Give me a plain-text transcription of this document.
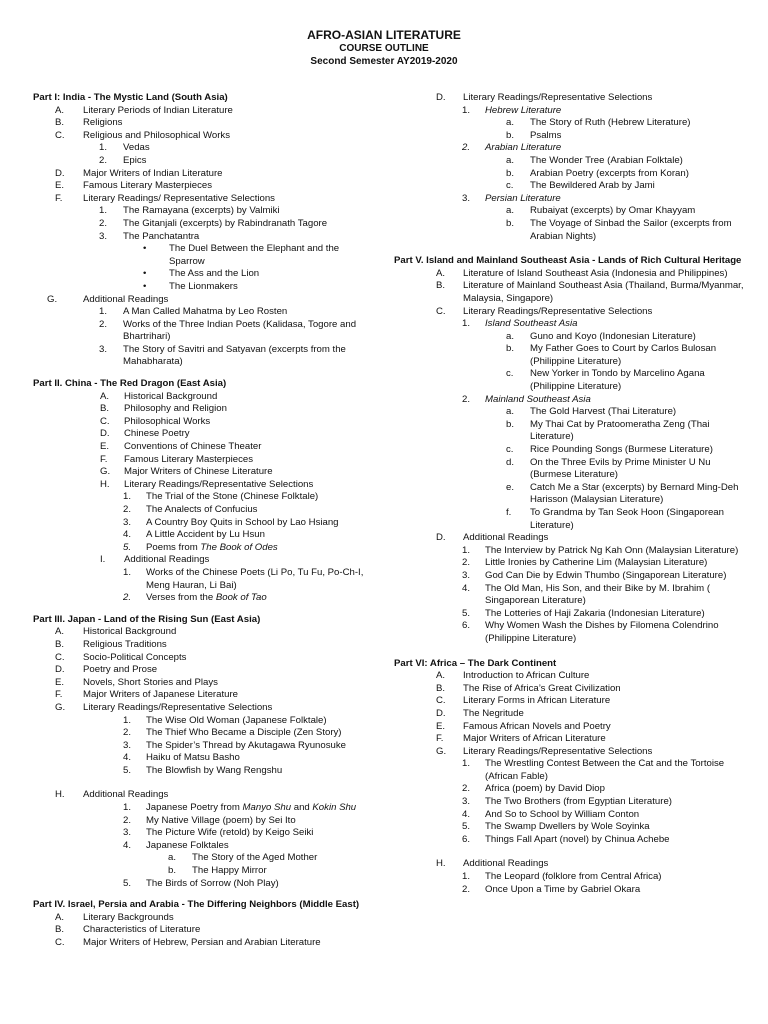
AFRO-ASIAN LITERATURE
COURSE OUTLINE
Second Semester AY2019-2020
Part I: India - The Mystic Land (South Asia)
A. Literary Periods of Indian Literature
B. Religions
C. Religious and Philosophical Works
1. Vedas
2. Epics
D. Major Writers of Indian Literature
E. Famous Literary Masterpieces
F. Literary Readings/ Representative Selections
1. The Ramayana (excerpts) by Valmiki
2. The Gitanjali (excerpts) by Rabindranath Tagore
3. The Panchatantra
• The Duel Between the Elephant and the Sparrow
• The Ass and the Lion
• The Lionmakers
G.	Additional Readings
1. A Man Called Mahatma by Leo Rosten
2. Works of the Three Indian Poets (Kalidasa, Togore and Bhartrihari)
3. The Story of Savitri and Satyavan (excerpts from the Mahabharata)
Part II. China - The Red Dragon (East Asia)
A. Historical Background
B. Philosophy and Religion
C. Philosophical Works
D. Chinese Poetry
E. Conventions of Chinese Theater
F. Famous Literary Masterpieces
G. Major Writers of Chinese Literature
H. Literary Readings/Representative Selections
1. The Trial of the Stone (Chinese Folktale)
2. The Analects of Confucius
3. A Country Boy Quits in School by Lao Hsiang
4. A Little Accident by Lu Hsun
5. Poems from The Book of Odes
I. Additional Readings
1. Works of the Chinese Poets (Li Po, Tu Fu, Po-Ch-I, Meng Hauran, Li Bai)
2. Verses from the Book of Tao
Part III. Japan - Land of the Rising Sun (East Asia)
A. Historical Background
B. Religious Traditions
C. Socio-Political Concepts
D. Poetry and Prose
E. Novels, Short Stories and Plays
F. Major Writers of Japanese Literature
G. Literary Readings/Representative Selections
1. The Wise Old Woman (Japanese Folktale)
2. The Thief Who Became a Disciple (Zen Story)
3. The Spider’s Thread by Akutagawa Ryunosuke
4. Haiku of Matsu Basho
5. The Blowfish by Wang Rengshu
H. Additional Readings
1. Japanese Poetry from Manyo Shu and Kokin Shu
2. My Native Village (poem) by Sei Ito
3. The Picture Wife (retold) by Keigo Seiki
4. Japanese Folktales
a. The Story of the Aged Mother
b. The Happy Mirror
5. The Birds of Sorrow (Noh Play)
Part IV. Israel, Persia and Arabia - The Differing Neighbors (Middle East)
A. Literary Backgrounds
B. Characteristics of Literature
C. Major Writers of Hebrew, Persian and Arabian Literature
D. Literary Readings/Representative Selections
1. Hebrew Literature
a. The Story of Ruth (Hebrew Literature)
b. Psalms
2. Arabian Literature
a. The Wonder Tree (Arabian Folktale)
b. Arabian Poetry (excerpts from Koran)
c. The Bewildered Arab by Jami
3. Persian Literature
a. Rubaiyat (excerpts) by Omar Khayyam
b. The Voyage of Sinbad the Sailor (excerpts from Arabian Nights)
Part V. Island and Mainland Southeast Asia - Lands of Rich Cultural Heritage
A. Literature of Island Southeast Asia (Indonesia and Philippines)
B. Literature of Mainland Southeast Asia (Thailand, Burma/Myanmar, Malaysia, Singapore)
C. Literary Readings/Representative Selections
1. Island Southeast Asia
a. Guno and Koyo (Indonesian Literature)
b. My Father Goes to Court by Carlos Bulosan (Philippine Literature)
c. New Yorker in Tondo by Marcelino Agana (Philippine Literature)
2. Mainland Southeast Asia
a. The Gold Harvest (Thai Literature)
b. My Thai Cat by Pratoomeratha Zeng (Thai Literature)
c. Rice Pounding Songs (Burmese Literature)
d. On the Three Evils by Prime Minister U Nu (Burmese Literature)
e. Catch Me a Star (excerpts) by Bernard Ming-Deh Harisson (Malaysian Literature)
f. To Grandma by Tan Seok Hoon (Singaporean Literature)
D. Additional Readings
1. The Interview by Patrick Ng Kah Onn (Malaysian Literature)
2. Little Ironies by Catherine Lim (Malaysian Literature)
3. God Can Die by Edwin Thumbo (Singaporean Literature)
4. The Old Man, His Son, and their Bike by M. Ibrahim ( Singaporean Literature)
5. The Lotteries of Haji Zakaria (Indonesian Literature)
6. Why Women Wash the Dishes by Filomena Colendrino (Philippine Literature)
Part VI: Africa – The Dark Continent
A. Introduction to African Culture
B. The Rise of Africa’s Great Civilization
C. Literary Forms in African Literature
D. The Negritude
E. Famous African Novels and Poetry
F. Major Writers of African Literature
G. Literary Readings/Representative Selections
1. The Wrestling Contest Between the Cat and the Tortoise (African Fable)
2. Africa (poem) by David Diop
3. The Two Brothers (from Egyptian Literature)
4. And So to School by William Conton
5. The Swamp Dwellers by Wole Soyinka
6. Things Fall Apart (novel) by Chinua Achebe
H. Additional Readings
1. The Leopard (folklore from Central Africa)
2. Once Upon a Time by Gabriel Okara
